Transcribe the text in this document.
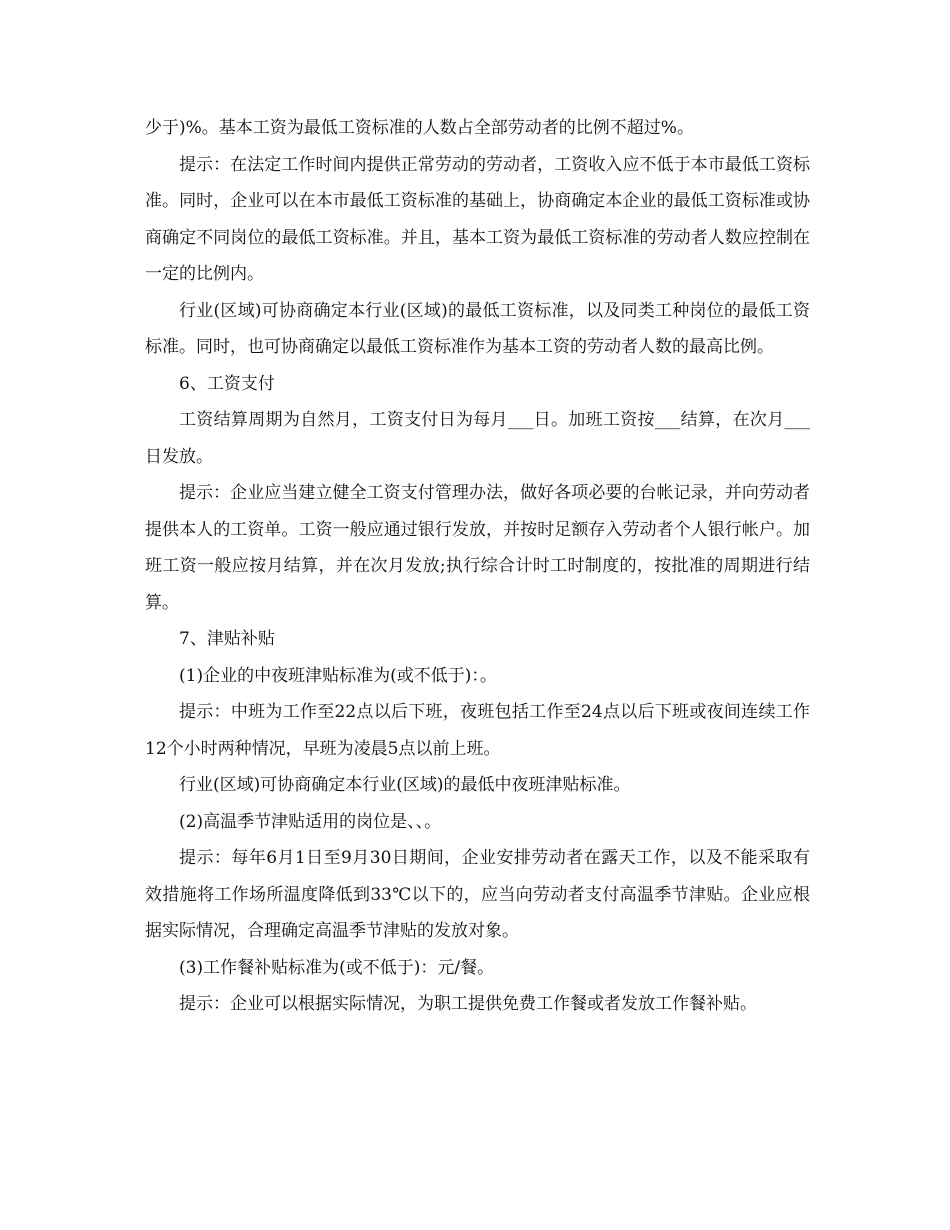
少于)%。基本工资为最低工资标准的人数占全部劳动者的比例不超过%。

提示：在法定工作时间内提供正常劳动的劳动者，工资收入应不低于本市最低工资标准。同时，企业可以在本市最低工资标准的基础上，协商确定本企业的最低工资标准或协商确定不同岗位的最低工资标准。并且，基本工资为最低工资标准的劳动者人数应控制在一定的比例内。

行业(区域)可协商确定本行业(区域)的最低工资标准，以及同类工种岗位的最低工资标准。同时，也可协商确定以最低工资标准作为基本工资的劳动者人数的最高比例。

6、工资支付

工资结算周期为自然月，工资支付日为每月___日。加班工资按___结算，在次月___日发放。

提示：企业应当建立健全工资支付管理办法，做好各项必要的台帐记录，并向劳动者提供本人的工资单。工资一般应通过银行发放，并按时足额存入劳动者个人银行帐户。加班工资一般应按月结算，并在次月发放;执行综合计时工时制度的，按批准的周期进行结算。

7、津贴补贴

(1)企业的中夜班津贴标准为(或不低于)：。

提示：中班为工作至22点以后下班，夜班包括工作至24点以后下班或夜间连续工作12个小时两种情况，早班为凌晨5点以前上班。

行业(区域)可协商确定本行业(区域)的最低中夜班津贴标准。

(2)高温季节津贴适用的岗位是、、。

提示：每年6月1日至9月30日期间，企业安排劳动者在露天工作，以及不能采取有效措施将工作场所温度降低到33℃以下的，应当向劳动者支付高温季节津贴。企业应根据实际情况，合理确定高温季节津贴的发放对象。

(3)工作餐补贴标准为(或不低于)：元/餐。

提示：企业可以根据实际情况，为职工提供免费工作餐或者发放工作餐补贴。
